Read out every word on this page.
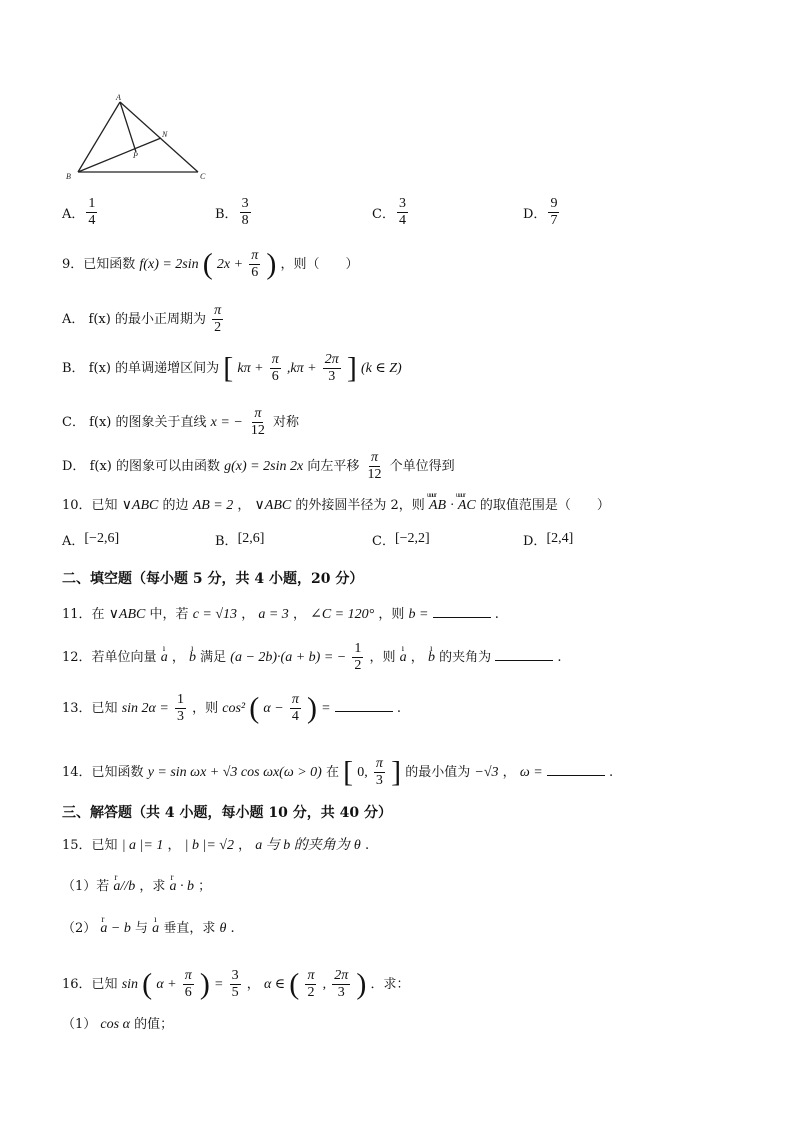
A
N
P
B	C
A． $\frac{1}{4}$	B． $\frac{3}{8}$	C． $\frac{3}{4}$	D． $\frac{9}{7}$
9．已知函数 f(x) = 2sin ( $2x + \frac{\pi}{6}$ ) ，则（　　）
A． f(x) 的最小正周期为 $\frac{\pi}{2}$
B． f(x) 的单调递增区间为 [ $k\pi + \frac{\pi}{6} ,k\pi + \frac{2\pi}{3}$ ] (k ∈ Z)
C． f(x) 的图象关于直线 x = − $\frac{\pi}{12}$ 对称
D． f(x) 的图象可以由函数 g(x) = 2sin 2x 向左平移 $\frac{\pi}{12}$ 个单位得到
10．已知 ∨ABC 的边 AB = 2 ， ∨ABC 的外接圆半径为 2，则 uuur AB · uuur AC 的取值范围是（　　）
A． [−2,6]	B． [2,6]	C． [−2,2]	D． [2,4]
二、填空题（每小题 5 分，共 4 小题，20 分）
11．在 ∨ABC 中，若 c = √13 ， a = 3 ， ∠C = 120° ，则 b =	.
12．若单位向量 ı a ， ı b 满足 (a − 2b)·(a + b) = − $\frac{1}{2}$ ，则 ı a ， ı b 的夹角为	.
13．已知 $\sin 2\alpha = \frac{1}{3}$ ，则 cos² ( $\alpha - \frac{\pi}{4}$ ) =	.
14．已知函数 y = sin ωx + √3 cos ωx(ω > 0) 在 [ 0, $\frac{\pi}{3}$ ] 的最小值为 −√3 ， ω =	.
三、解答题（共 4 小题，每小题 10 分，共 40 分）
15．已知 | a |= 1 ， | b |= √2 ， a 与 b 的夹角为 θ .
（1）若 r a//b ，求 r a · b ；
（2） r a − b 与 ı a 垂直，求 θ .
16．已知 sin ( $\alpha + \frac{\pi}{6}$ ) = $\frac{3}{5}$ ， α ∈ ( $\frac{\pi}{2}$ , $\frac{2\pi}{3}$ ) ．求：
（1） cos α 的值；
